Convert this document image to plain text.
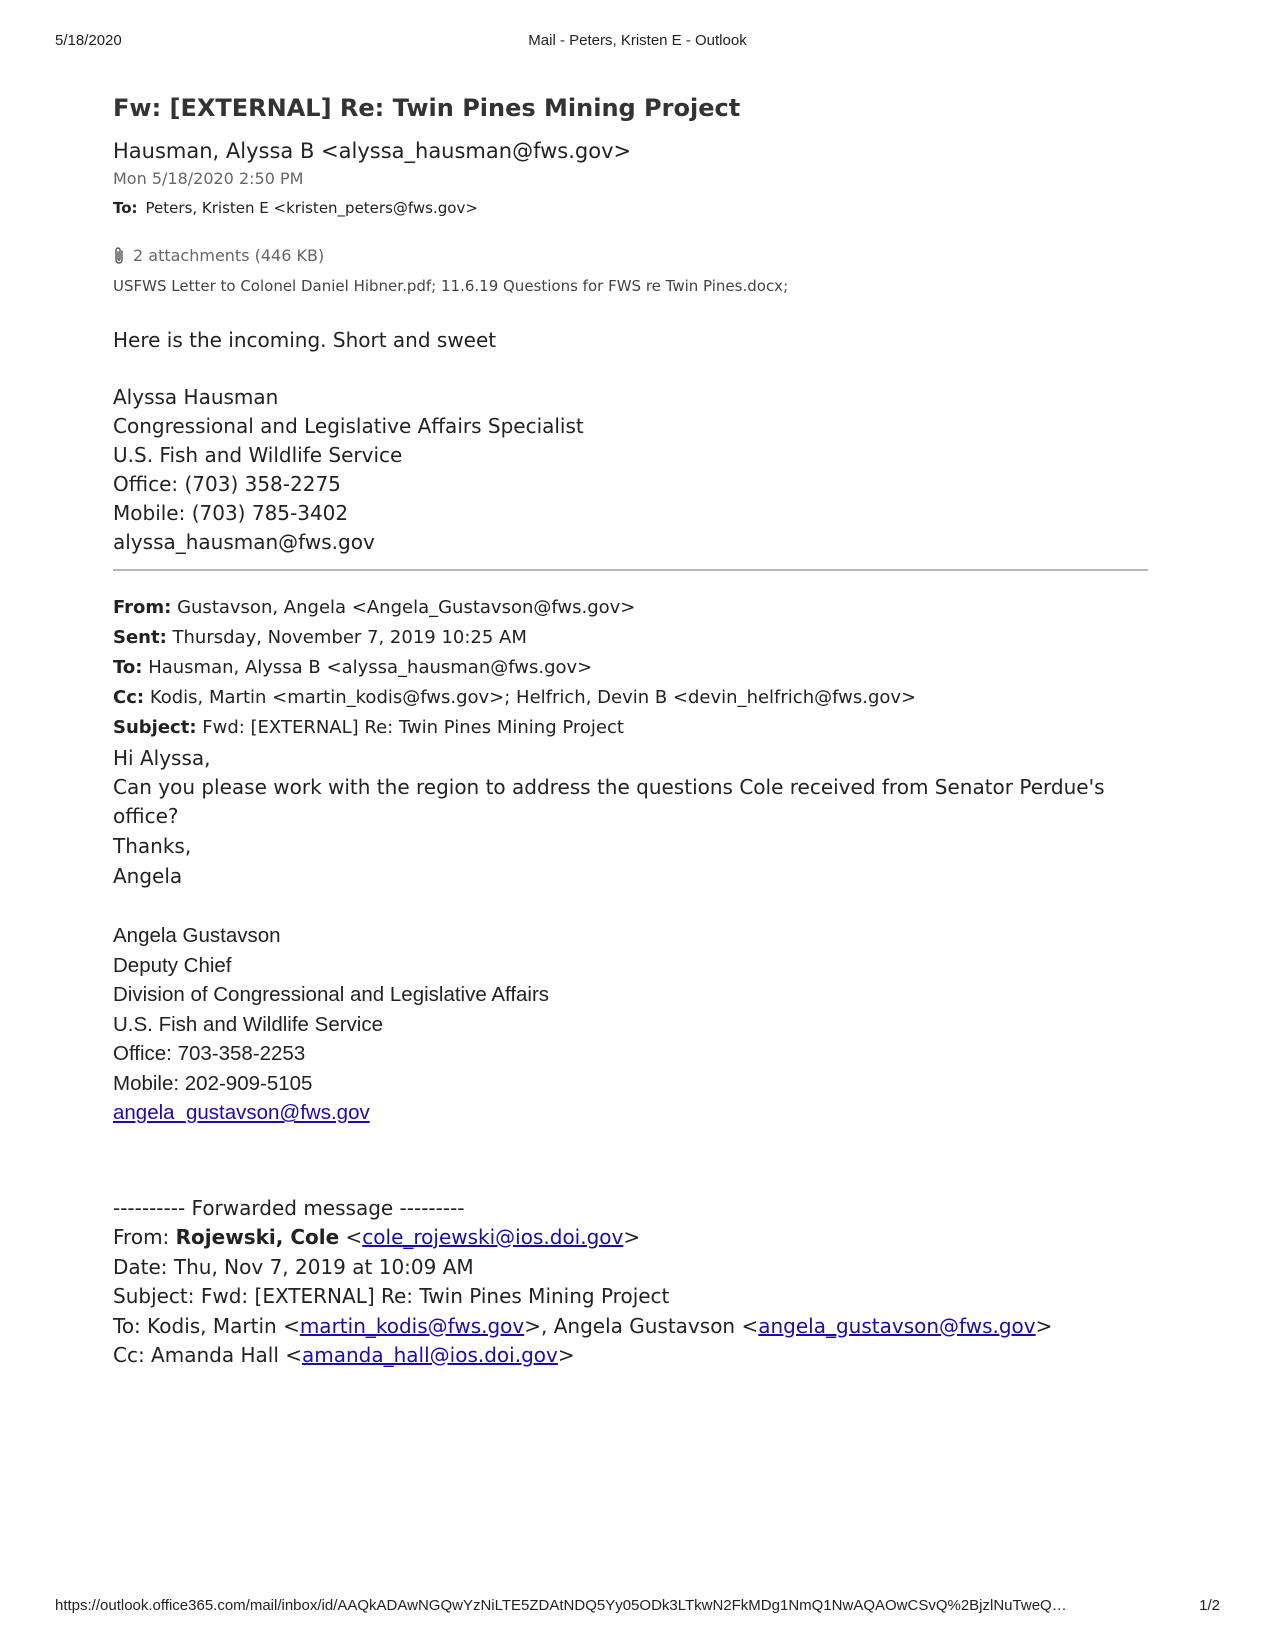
5/18/2020	Mail - Peters, Kristen E - Outlook
Fw: [EXTERNAL] Re: Twin Pines Mining Project
Hausman, Alyssa B <alyssa_hausman@fws.gov>
Mon 5/18/2020 2:50 PM
To: Peters, Kristen E <kristen_peters@fws.gov>
2 attachments (446 KB)
USFWS Letter to Colonel Daniel Hibner.pdf; 11.6.19 Questions for FWS re Twin Pines.docx;

Here is the incoming. Short and sweet

Alyssa Hausman

Congressional and Legislative Affairs Specialist

U.S. Fish and Wildlife Service

Office: (703) 358-2275

Mobile: (703) 785-3402

alyssa_hausman@fws.gov

From: Gustavson, Angela <Angela_Gustavson@fws.gov>
Sent: Thursday, November 7, 2019 10:25 AM
To: Hausman, Alyssa B <alyssa_hausman@fws.gov>
Cc: Kodis, Martin <martin_kodis@fws.gov>; Helfrich, Devin B <devin_helfrich@fws.gov>
Subject: Fwd: [EXTERNAL] Re: Twin Pines Mining Project

Hi Alyssa,

Can you please work with the region to address the questions Cole received from Senator Perdue's office?

Thanks,

Angela

Angela Gustavson

Deputy Chief

Division of Congressional and Legislative Affairs

U.S. Fish and Wildlife Service

Office: 703-358-2253

Mobile: 202-909-5105

angela_gustavson@fws.gov

---------- Forwarded message ---------

From: Rojewski, Cole <cole_rojewski@ios.doi.gov>

Date: Thu, Nov 7, 2019 at 10:09 AM

Subject: Fwd: [EXTERNAL] Re: Twin Pines Mining Project

To: Kodis, Martin <martin_kodis@fws.gov>, Angela Gustavson <angela_gustavson@fws.gov>

Cc: Amanda Hall <amanda_hall@ios.doi.gov>

https://outlook.office365.com/mail/inbox/id/AAQkADAwNGQwYzNiLTE5ZDAtNDQ5Yy05ODk3LTkwN2FkMDg1NmQ1NwAQAOwCSvQ%2BjzlNuTweQ…	1/2
